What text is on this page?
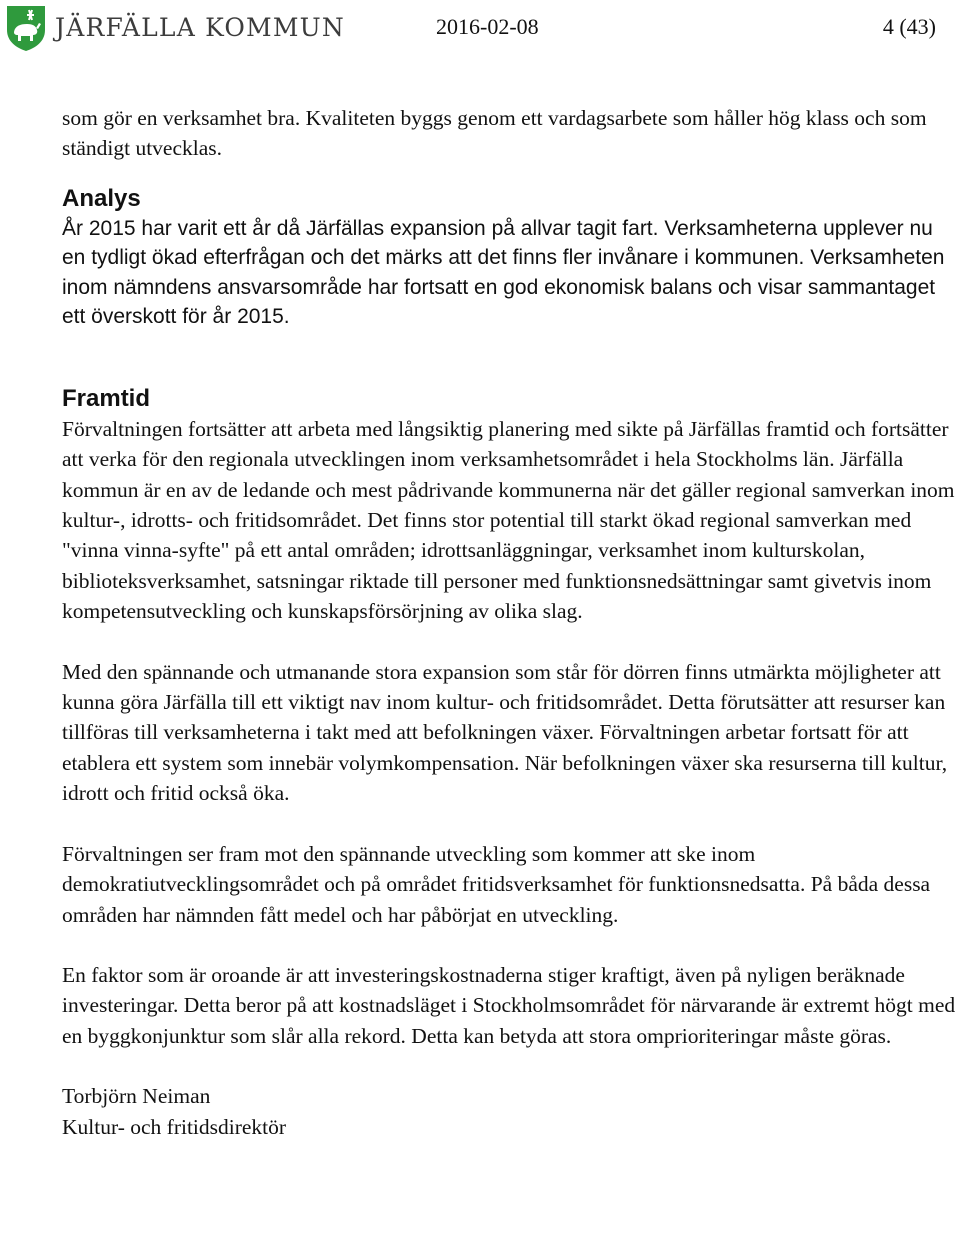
JÄRFÄLLA KOMMUN	2016-02-08	4 (43)

som gör en verksamhet bra. Kvaliteten byggs genom ett vardagsarbete som håller hög klass och som ständigt utvecklas.

Analys

År 2015 har varit ett år då Järfällas expansion på allvar tagit fart. Verksamheterna upplever nu en tydligt ökad efterfrågan och det märks att det finns fler invånare i kommunen. Verksamheten inom nämndens ansvarsområde har fortsatt en god ekonomisk balans och visar sammantaget ett överskott för år 2015.

Framtid

Förvaltningen fortsätter att arbeta med långsiktig planering med sikte på Järfällas framtid och fortsätter att verka för den regionala utvecklingen inom verksamhetsområdet i hela Stockholms län. Järfälla kommun är en av de ledande och mest pådrivande kommunerna när det gäller regional samverkan inom kultur-, idrotts- och fritidsområdet. Det finns stor potential till starkt ökad regional samverkan med "vinna vinna-syfte" på ett antal områden; idrottsanläggningar, verksamhet inom kulturskolan, biblioteksverksamhet, satsningar riktade till personer med funktionsnedsättningar samt givetvis inom kompetensutveckling och kunskapsförsörjning av olika slag.

Med den spännande och utmanande stora expansion som står för dörren finns utmärkta möjligheter att kunna göra Järfälla till ett viktigt nav inom kultur- och fritidsområdet. Detta förutsätter att resurser kan tillföras till verksamheterna i takt med att befolkningen växer. Förvaltningen arbetar fortsatt för att etablera ett system som innebär volymkompensation. När befolkningen växer ska resurserna till kultur, idrott och fritid också öka.

Förvaltningen ser fram mot den spännande utveckling som kommer att ske inom demokratiutvecklingsområdet och på området fritidsverksamhet för funktionsnedsatta. På båda dessa områden har nämnden fått medel och har påbörjat en utveckling.

En faktor som är oroande är att investeringskostnaderna stiger kraftigt, även på nyligen beräknade investeringar. Detta beror på att kostnadsläget i Stockholmsområdet för närvarande är extremt högt med en byggkonjunktur som slår alla rekord. Detta kan betyda att stora omprioriteringar måste göras.

Torbjörn Neiman

Kultur- och fritidsdirektör
